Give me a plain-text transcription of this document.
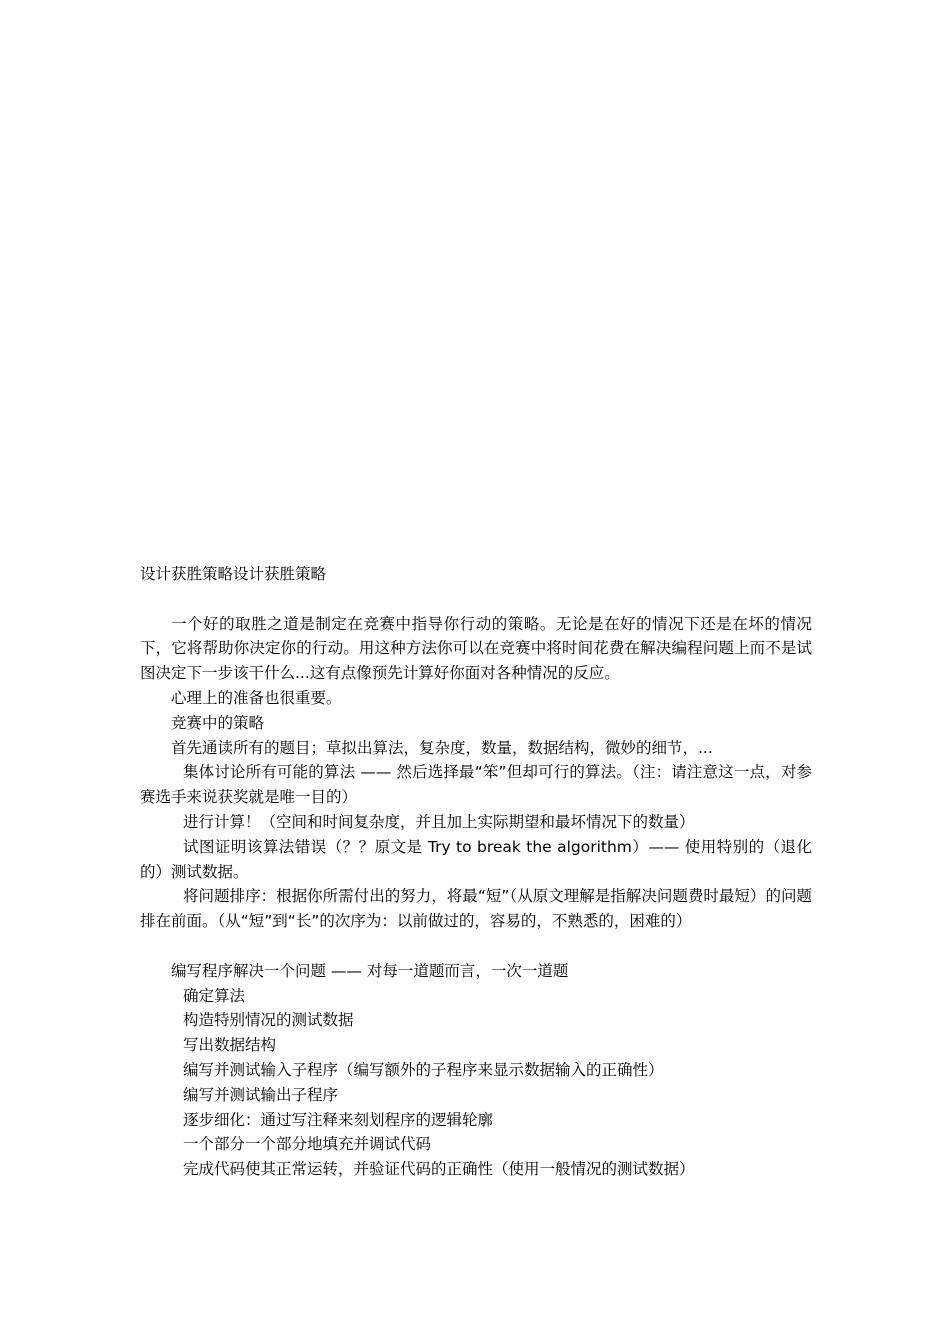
设计获胜策略设计获胜策略

一个好的取胜之道是制定在竞赛中指导你行动的策略。无论是在好的情况下还是在坏的情况下，它将帮助你决定你的行动。用这种方法你可以在竞赛中将时间花费在解决编程问题上而不是试图决定下一步该干什么...这有点像预先计算好你面对各种情况的反应。

心理上的准备也很重要。

竞赛中的策略

首先通读所有的题目；草拟出算法，复杂度，数量，数据结构，微妙的细节，...

集体讨论所有可能的算法 —— 然后选择最“笨”但却可行的算法。（注：请注意这一点，对参赛选手来说获奖就是唯一目的）

进行计算！（空间和时间复杂度，并且加上实际期望和最坏情况下的数量）

试图证明该算法错误（？？原文是 Try to break the algorithm）—— 使用特别的（退化的）测试数据。

将问题排序：根据你所需付出的努力，将最“短”（从原文理解是指解决问题费时最短）的问题排在前面。（从“短”到“长”的次序为：以前做过的，容易的，不熟悉的，困难的）

编写程序解决一个问题 —— 对每一道题而言，一次一道题

确定算法

构造特别情况的测试数据

写出数据结构

编写并测试输入子程序（编写额外的子程序来显示数据输入的正确性）

编写并测试输出子程序

逐步细化：通过写注释来刻划程序的逻辑轮廓

一个部分一个部分地填充并调试代码

完成代码使其正常运转，并验证代码的正确性（使用一般情况的测试数据）
